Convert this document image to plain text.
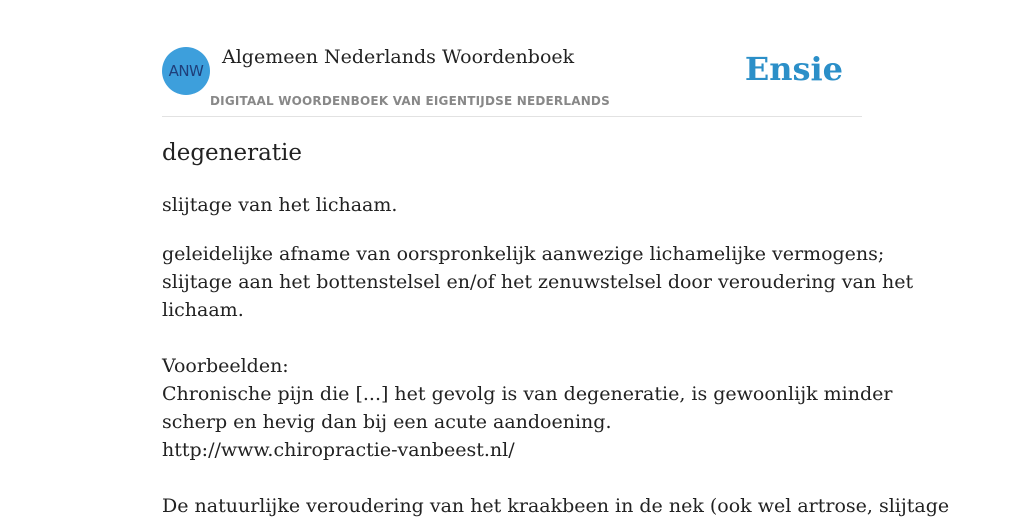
ANW
Algemeen Nederlands Woordenboek
DIGITAAL WOORDENBOEK VAN EIGENTIJDSE NEDERLANDS
Ensie
degeneratie
slijtage van het lichaam.
geleidelijke afname van oorspronkelijk aanwezige lichamelijke vermogens;
slijtage aan het bottenstelsel en/of het zenuwstelsel door veroudering van het
lichaam.
Voorbeelden:
Chronische pijn die [...] het gevolg is van degeneratie, is gewoonlijk minder
scherp en hevig dan bij een acute aandoening.
http://www.chiropractie-vanbeest.nl/
De natuurlijke veroudering van het kraakbeen in de nek (ook wel artrose, slijtage
